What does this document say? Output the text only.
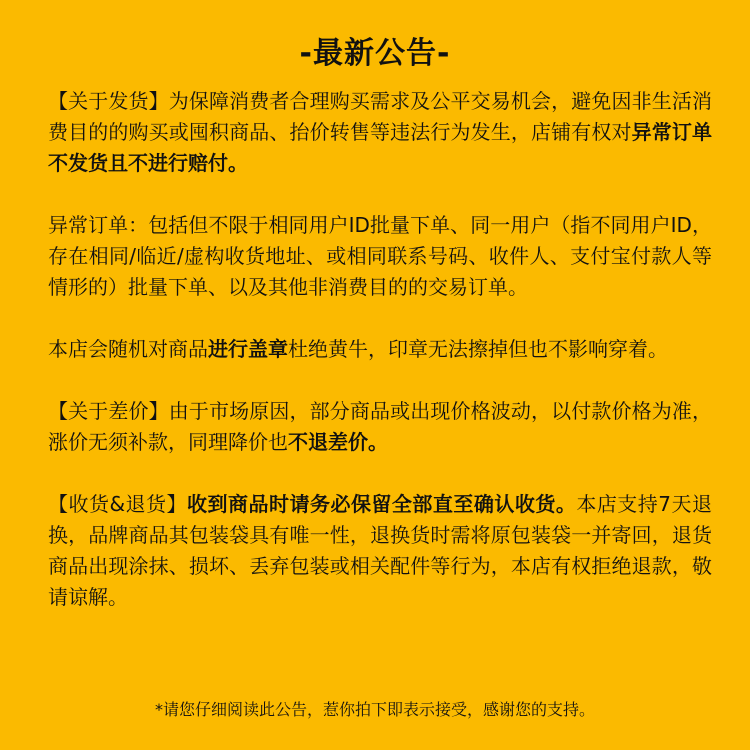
-最新公告-

【关于发货】为保障消费者合理购买需求及公平交易机会，避免因非生活消费目的的购买或囤积商品、抬价转售等违法行为发生，店铺有权对异常订单不发货且不进行赔付。

异常订单：包括但不限于相同用户ID批量下单、同一用户（指不同用户ID，存在相同/临近/虚构收货地址、或相同联系号码、收件人、支付宝付款人等情形的）批量下单、以及其他非消费目的的交易订单。

本店会随机对商品进行盖章杜绝黄牛，印章无法擦掉但也不影响穿着。

【关于差价】由于市场原因，部分商品或出现价格波动，以付款价格为准，涨价无须补款，同理降价也不退差价。

【收货&退货】收到商品时请务必保留全部直至确认收货。本店支持7天退换，品牌商品其包装袋具有唯一性，退换货时需将原包装袋一并寄回，退货商品出现涂抹、损坏、丢弃包装或相关配件等行为，本店有权拒绝退款，敬请谅解。

*请您仔细阅读此公告，惹你拍下即表示接受，感谢您的支持。
